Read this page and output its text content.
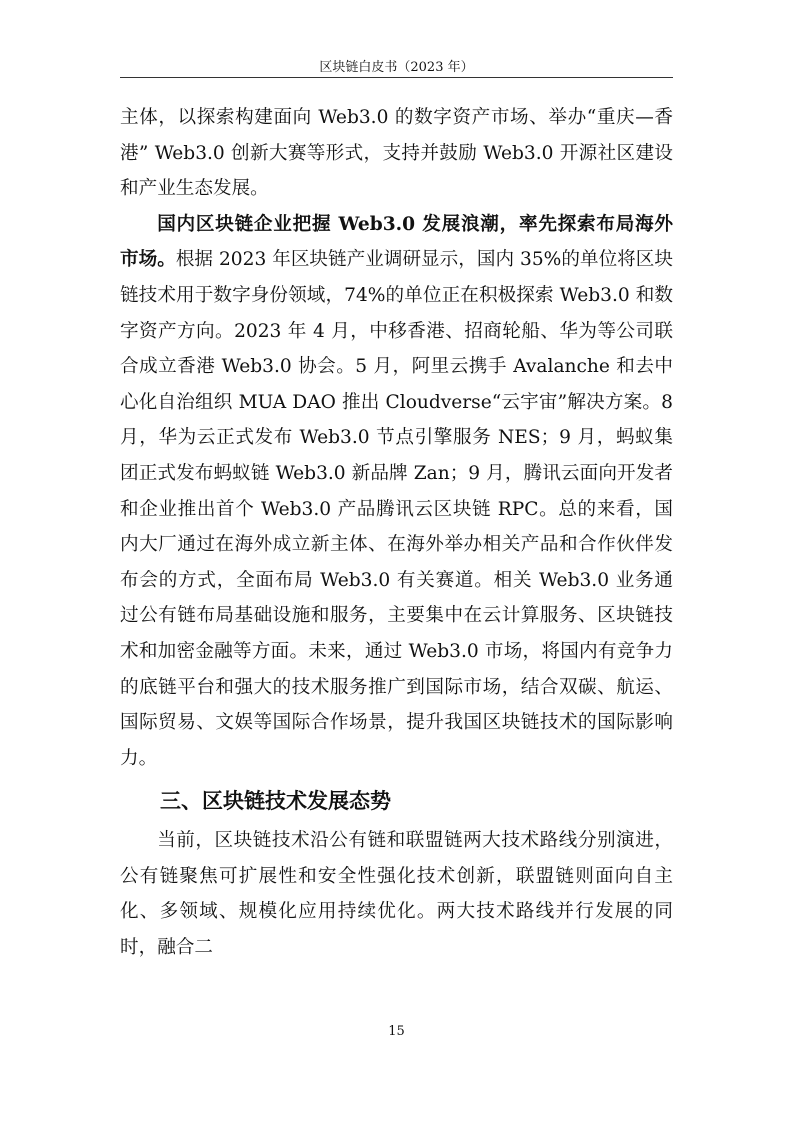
区块链白皮书（2023 年）

主体，以探索构建面向 Web3.0 的数字资产市场、举办“重庆—香港” Web3.0 创新大赛等形式，支持并鼓励 Web3.0 开源社区建设和产业生态发展。

国内区块链企业把握 Web3.0 发展浪潮，率先探索布局海外市场。根据 2023 年区块链产业调研显示，国内 35%的单位将区块链技术用于数字身份领域，74%的单位正在积极探索 Web3.0 和数字资产方向。2023 年 4 月，中移香港、招商轮船、华为等公司联合成立香港 Web3.0 协会。5 月，阿里云携手 Avalanche 和去中心化自治组织 MUA DAO 推出 Cloudverse“云宇宙”解决方案。8 月，华为云正式发布 Web3.0 节点引擎服务 NES；9 月，蚂蚁集团正式发布蚂蚁链 Web3.0 新品牌 Zan；9 月，腾讯云面向开发者和企业推出首个 Web3.0 产品腾讯云区块链 RPC。总的来看，国内大厂通过在海外成立新主体、在海外举办相关产品和合作伙伴发布会的方式，全面布局 Web3.0 有关赛道。相关 Web3.0 业务通过公有链布局基础设施和服务，主要集中在云计算服务、区块链技术和加密金融等方面。未来，通过 Web3.0 市场，将国内有竞争力的底链平台和强大的技术服务推广到国际市场，结合双碳、航运、国际贸易、文娱等国际合作场景，提升我国区块链技术的国际影响力。

三、区块链技术发展态势

当前，区块链技术沿公有链和联盟链两大技术路线分别演进，公有链聚焦可扩展性和安全性强化技术创新，联盟链则面向自主化、多领域、规模化应用持续优化。两大技术路线并行发展的同时，融合二

15
